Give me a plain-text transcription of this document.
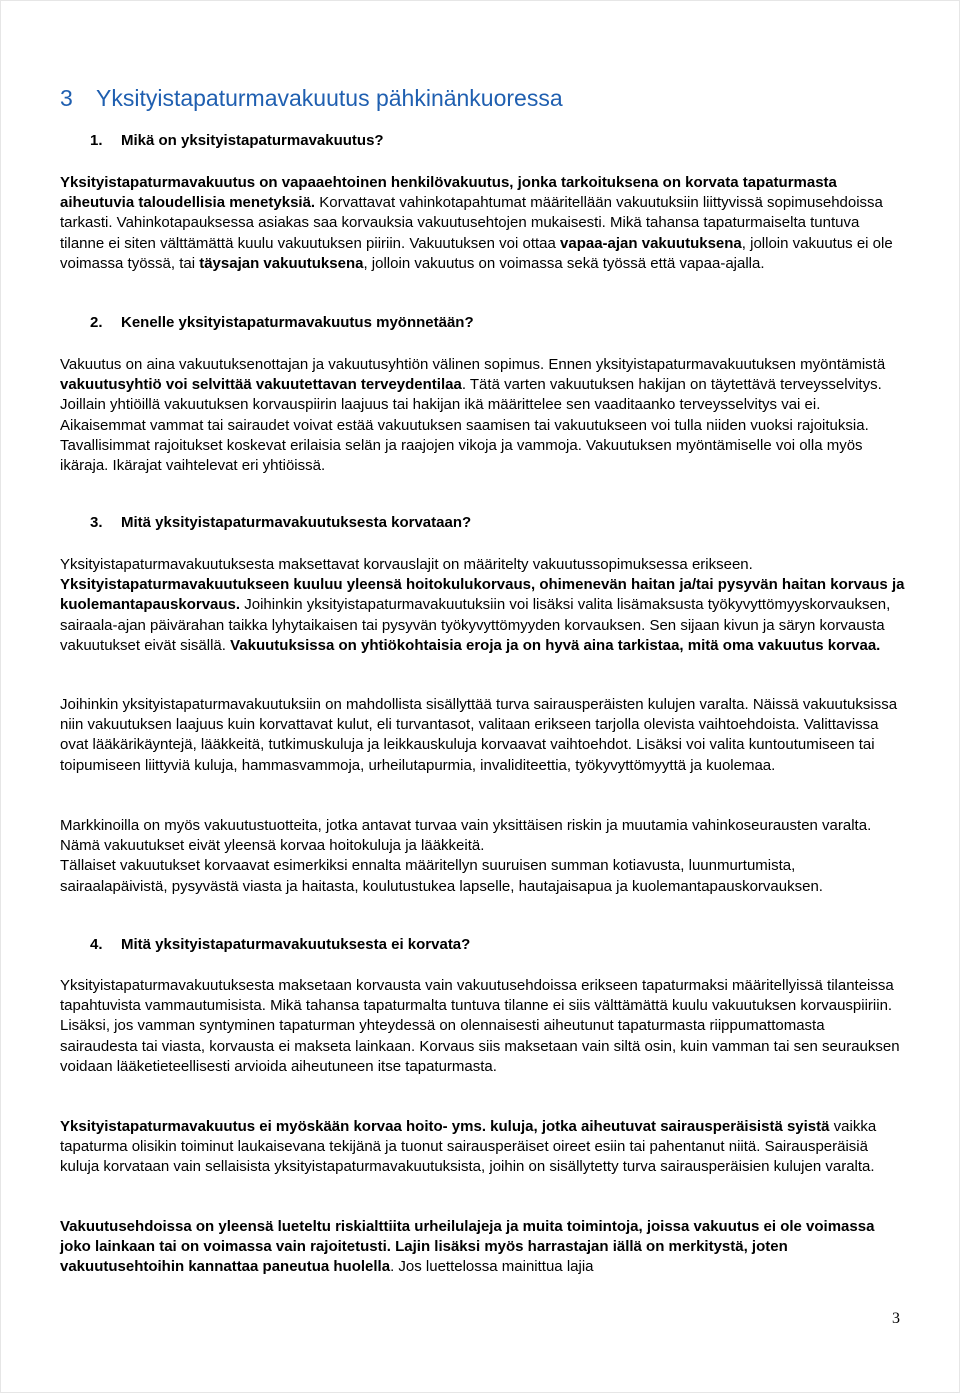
3 Yksityistapaturmavakuutus pähkinänkuoressa
1. Mikä on yksityistapaturmavakuutus?

Yksityistapaturmavakuutus on vapaaehtoinen henkilövakuutus, jonka tarkoituksena on korvata tapaturmasta aiheutuvia taloudellisia menetyksiä. Korvattavat vahinkotapahtumat määritellään vakuutuksiin liittyvissä sopimusehdoissa tarkasti. Vahinkotapauksessa asiakas saa korvauksia vakuutusehtojen mukaisesti. Mikä tahansa tapaturmaiselta tuntuva tilanne ei siten välttämättä kuulu vakuutuksen piiriin. Vakuutuksen voi ottaa vapaa-ajan vakuutuksena, jolloin vakuutus ei ole voimassa työssä, tai täysajan vakuutuksena, jolloin vakuutus on voimassa sekä työssä että vapaa-ajalla.

2. Kenelle yksityistapaturmavakuutus myönnetään?

Vakuutus on aina vakuutuksenottajan ja vakuutusyhtiön välinen sopimus. Ennen yksityistapaturmavakuutuksen myöntämistä vakuutusyhtiö voi selvittää vakuutettavan terveydentilaa. Tätä varten vakuutuksen hakijan on täytettävä terveysselvitys. Joillain yhtiöillä vakuutuksen korvauspiirin laajuus tai hakijan ikä määrittelee sen vaaditaanko terveysselvitys vai ei. Aikaisemmat vammat tai sairaudet voivat estää vakuutuksen saamisen tai vakuutukseen voi tulla niiden vuoksi rajoituksia. Tavallisimmat rajoitukset koskevat erilaisia selän ja raajojen vikoja ja vammoja. Vakuutuksen myöntämiselle voi olla myös ikäraja. Ikärajat vaihtelevat eri yhtiöissä.

3. Mitä yksityistapaturmavakuutuksesta korvataan?

Yksityistapaturmavakuutuksesta maksettavat korvauslajit on määritelty vakuutussopimuksessa erikseen. Yksityistapaturmavakuutukseen kuuluu yleensä hoitokulukorvaus, ohimenevän haitan ja/tai pysyvän haitan korvaus ja kuolemantapauskorvaus. Joihinkin yksityistapaturmavakuutuksiin voi lisäksi valita lisämaksusta työkyvyttömyyskorvauksen, sairaala-ajan päivärahan taikka lyhytaikaisen tai pysyvän työkyvyttömyyden korvauksen. Sen sijaan kivun ja säryn korvausta vakuutukset eivät sisällä. Vakuutuksissa on yhtiökohtaisia eroja ja on hyvä aina tarkistaa, mitä oma vakuutus korvaa.

Joihinkin yksityistapaturmavakuutuksiin on mahdollista sisällyttää turva sairausperäisten kulujen varalta. Näissä vakuutuksissa niin vakuutuksen laajuus kuin korvattavat kulut, eli turvantasot, valitaan erikseen tarjolla olevista vaihtoehdoista. Valittavissa ovat lääkärikäyntejä, lääkkeitä, tutkimuskuluja ja leikkauskuluja korvaavat vaihtoehdot. Lisäksi voi valita kuntoutumiseen tai toipumiseen liittyviä kuluja, hammasvammoja, urheilutapurmia, invaliditeettia, työkyvyttömyyttä ja kuolemaa.

Markkinoilla on myös vakuutustuotteita, jotka antavat turvaa vain yksittäisen riskin ja muutamia vahinkoseurausten varalta. Nämä vakuutukset eivät yleensä korvaa hoitokuluja ja lääkkeitä.
Tällaiset vakuutukset korvaavat esimerkiksi ennalta määritellyn suuruisen summan kotiavusta, luunmurtumista, sairaalapäivistä, pysyvästä viasta ja haitasta, koulutustukea lapselle, hautajaisapua ja kuolemantapauskorvauksen.

4. Mitä yksityistapaturmavakuutuksesta ei korvata?

Yksityistapaturmavakuutuksesta maksetaan korvausta vain vakuutusehdoissa erikseen tapaturmaksi määritellyissä tilanteissa tapahtuvista vammautumisista. Mikä tahansa tapaturmalta tuntuva tilanne ei siis välttämättä kuulu vakuutuksen korvauspiiriin. Lisäksi, jos vamman syntyminen tapaturman yhteydessä on olennaisesti aiheutunut tapaturmasta riippumattomasta sairaudesta tai viasta, korvausta ei makseta lainkaan. Korvaus siis maksetaan vain siltä osin, kuin vamman tai sen seurauksen voidaan lääketieteellisesti arvioida aiheutuneen itse tapaturmasta.

Yksityistapaturmavakuutus ei myöskään korvaa hoito- yms. kuluja, jotka aiheutuvat sairausperäisistä syistä vaikka tapaturma olisikin toiminut laukaisevana tekijänä ja tuonut sairausperäiset oireet esiin tai pahentanut niitä. Sairausperäisiä kuluja korvataan vain sellaisista yksityistapaturmavakuutuksista, joihin on sisällytetty turva sairausperäisien kulujen varalta.

Vakuutusehdoissa on yleensä lueteltu riskialttiita urheilulajeja ja muita toimintoja, joissa vakuutus ei ole voimassa joko lainkaan tai on voimassa vain rajoitetusti. Lajin lisäksi myös harrastajan iällä on merkitystä, joten vakuutusehtoihin kannattaa paneutua huolella. Jos luettelossa mainittua lajia

3
